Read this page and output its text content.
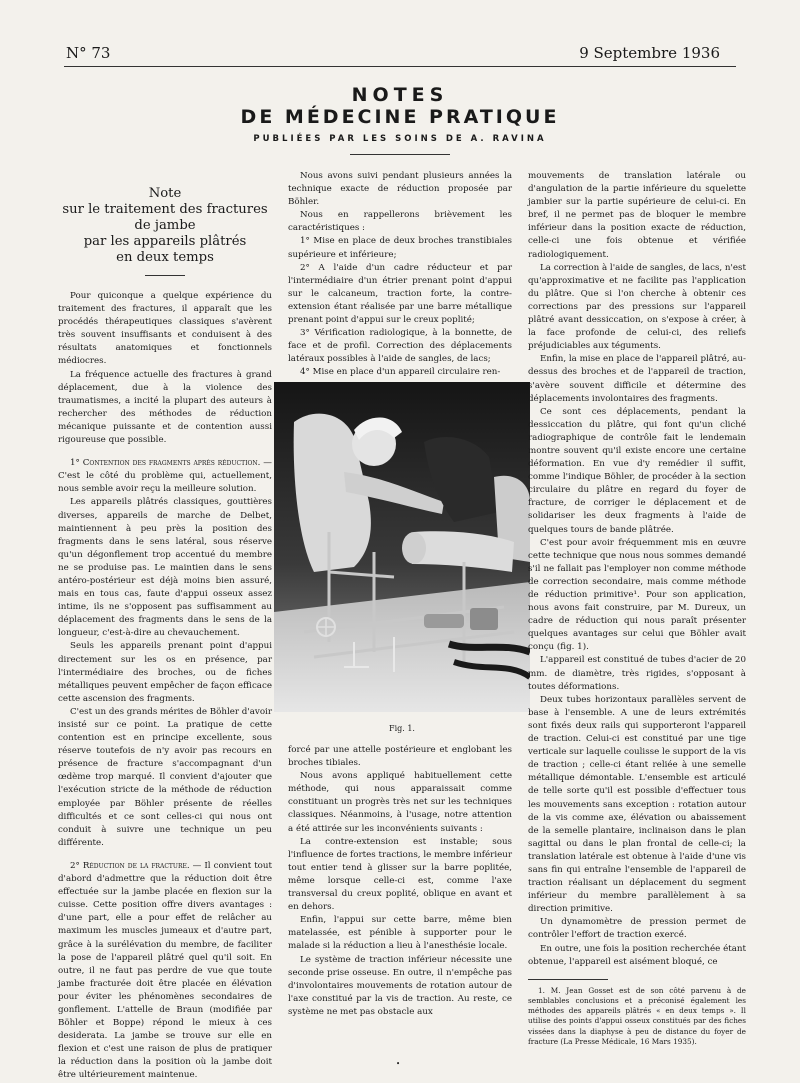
N° 73	9 Septembre 1936
NOTES
DE MÉDECINE PRATIQUE
PUBLIÉES PAR LES SOINS DE A. RAVINA
Note
sur le traitement des fractures de jambe
par les appareils plâtrés
en deux temps

Pour quiconque a quelque expérience du traitement des fractures, il apparaît que les procédés thérapeutiques classiques s'avèrent très souvent insuffisants et conduisent à des résultats anatomiques et fonctionnels médiocres.

La fréquence actuelle des fractures à grand déplacement, due à la violence des traumatismes, a incité la plupart des auteurs à rechercher des méthodes de réduction mécanique puissante et de contention aussi rigoureuse que possible.

1° Contention des fragments après réduction. — C'est le côté du problème qui, actuellement, nous semble avoir reçu la meilleure solution.

Les appareils plâtrés classiques, gouttières diverses, appareils de marche de Delbet, maintiennent à peu près la position des fragments dans le sens latéral, sous réserve qu'un dégonflement trop accentué du membre ne se produise pas. Le maintien dans le sens antéro-postérieur est déjà moins bien assuré, mais en tous cas, faute d'appui osseux assez intime, ils ne s'opposent pas suffisamment au déplacement des fragments dans le sens de la longueur, c'est-à-dire au chevauchement.

Seuls les appareils prenant point d'appui directement sur les os en présence, par l'intermédiaire des broches, ou de fiches métalliques peuvent empêcher de façon efficace cette ascension des fragments.

C'est un des grands mérites de Böhler d'avoir insisté sur ce point. La pratique de cette contention est en principe excellente, sous réserve toutefois de n'y avoir pas recours en présence de fracture s'accompagnant d'un œdème trop marqué. Il convient d'ajouter que l'exécution stricte de la méthode de réduction employée par Böhler présente de réelles difficultés et ce sont celles-ci qui nous ont conduit à suivre une technique un peu différente.

2° Réduction de la fracture. — Il convient tout d'abord d'admettre que la réduction doit être effectuée sur la jambe placée en flexion sur la cuisse. Cette position offre divers avantages : d'une part, elle a pour effet de relâcher au maximum les muscles jumeaux et d'autre part, grâce à la surélévation du membre, de faciliter la pose de l'appareil plâtré quel qu'il soit. En outre, il ne faut pas perdre de vue que toute jambe fracturée doit être placée en élévation pour éviter les phénomènes secondaires de gonflement. L'attelle de Braun (modifiée par Böhler et Boppe) répond le mieux à ces desiderata. La jambe se trouve sur elle en flexion et c'est une raison de plus de pratiquer la réduction dans la position où la jambe doit être ultérieurement maintenue.

Nous avons suivi pendant plusieurs années la technique exacte de réduction proposée par Böhler.

Nous en rappellerons brièvement les caractéristiques :

1° Mise en place de deux broches transtibiales supérieure et inférieure;

2° A l'aide d'un cadre réducteur et par l'intermédiaire d'un étrier prenant point d'appui sur le calcaneum, traction forte, la contre-extension étant réalisée par une barre métallique prenant point d'appui sur le creux poplité;

3° Vérification radiologique, à la bonnette, de face et de profil. Correction des déplacements latéraux possibles à l'aide de sangles, de lacs;

4° Mise en place d'un appareil circulaire ren-

Fig. 1.

forcé par une attelle postérieure et englobant les broches tibiales.

Nous avons appliqué habituellement cette méthode, qui nous apparaissait comme constituant un progrès très net sur les techniques classiques. Néanmoins, à l'usage, notre attention a été attirée sur les inconvénients suivants :

La contre-extension est instable; sous l'influence de fortes tractions, le membre inférieur tout entier tend à glisser sur la barre poplitée, même lorsque celle-ci est, comme l'axe transversal du creux poplité, oblique en avant et en dehors.

Enfin, l'appui sur cette barre, même bien matelassée, est pénible à supporter pour le malade si la réduction a lieu à l'anesthésie locale.

Le système de traction inférieur nécessite une seconde prise osseuse. En outre, il n'empêche pas d'involontaires mouvements de rotation autour de l'axe constitué par la vis de traction. Au reste, ce système ne met pas obstacle aux

mouvements de translation latérale ou d'angulation de la partie inférieure du squelette jambier sur la partie supérieure de celui-ci. En bref, il ne permet pas de bloquer le membre inférieur dans la position exacte de réduction, celle-ci une fois obtenue et vérifiée radiologiquement.

La correction à l'aide de sangles, de lacs, n'est qu'approximative et ne facilite pas l'application du plâtre. Que si l'on cherche à obtenir ces corrections par des pressions sur l'appareil plâtré avant dessiccation, on s'expose à créer, à la face profonde de celui-ci, des reliefs préjudiciables aux téguments.

Enfin, la mise en place de l'appareil plâtré, au-dessus des broches et de l'appareil de traction, s'avère souvent difficile et détermine des déplacements involontaires des fragments.

Ce sont ces déplacements, pendant la dessiccation du plâtre, qui font qu'un cliché radiographique de contrôle fait le lendemain montre souvent qu'il existe encore une certaine déformation. En vue d'y remédier il suffit, comme l'indique Böhler, de procéder à la section circulaire du plâtre en regard du foyer de fracture, de corriger le déplacement et de solidariser les deux fragments à l'aide de quelques tours de bande plâtrée.

C'est pour avoir fréquemment mis en œuvre cette technique que nous nous sommes demandé s'il ne fallait pas l'employer non comme méthode de correction secondaire, mais comme méthode de réduction primitive¹. Pour son application, nous avons fait construire, par M. Dureux, un cadre de réduction qui nous paraît présenter quelques avantages sur celui que Böhler avait conçu (fig. 1).

L'appareil est constitué de tubes d'acier de 20 mm. de diamètre, très rigides, s'opposant à toutes déformations.

Deux tubes horizontaux parallèles servent de base à l'ensemble. A une de leurs extrémités sont fixés deux rails qui supporteront l'appareil de traction. Celui-ci est constitué par une tige verticale sur laquelle coulisse le support de la vis de traction ; celle-ci étant reliée à une semelle métallique démontable. L'ensemble est articulé de telle sorte qu'il est possible d'effectuer tous les mouvements sans exception : rotation autour de la vis comme axe, élévation ou abaissement de la semelle plantaire, inclinaison dans le plan sagittal ou dans le plan frontal de celle-ci; la translation latérale est obtenue à l'aide d'une vis sans fin qui entraîne l'ensemble de l'appareil de traction réalisant un déplacement du segment inférieur du membre parallèlement à sa direction primitive.

Un dynamomètre de pression permet de contrôler l'effort de traction exercé.

En outre, une fois la position recherchée étant obtenue, l'appareil est aisément bloqué, ce

1. M. Jean Gosset est de son côté parvenu à de semblables conclusions et a préconisé également les méthodes des appareils plâtrés « en deux temps ». Il utilise des points d'appui osseux constitués par des fiches vissées dans la diaphyse à peu de distance du foyer de fracture (La Presse Médicale, 16 Mars 1935).

•
